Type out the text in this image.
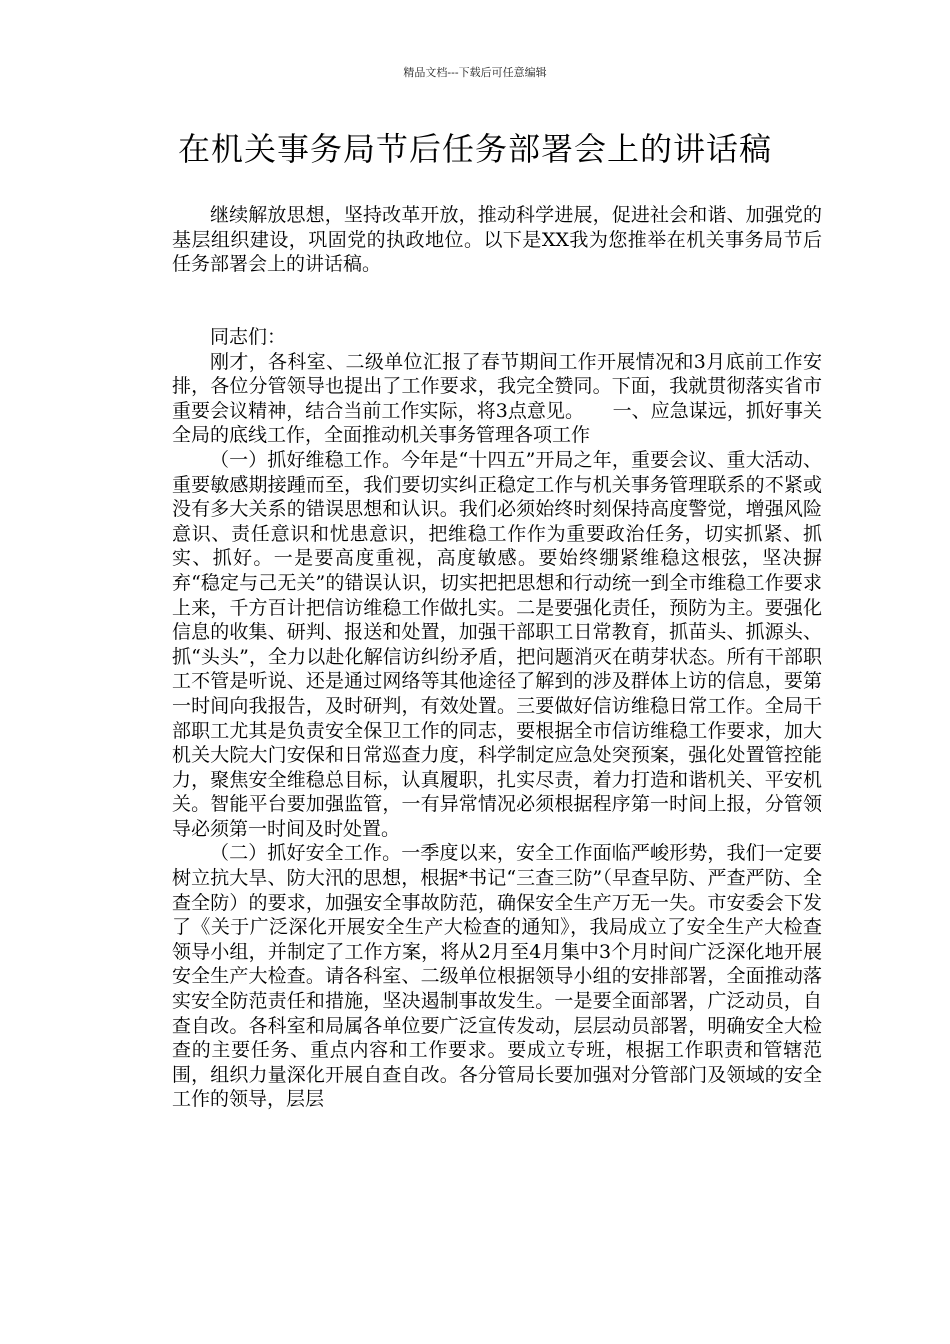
精品文档---下载后可任意编辑
在机关事务局节后任务部署会上的讲话稿

继续解放思想，坚持改革开放，推动科学进展，促进社会和谐、加强党的基层组织建设，巩固党的执政地位。以下是XX我为您推举在机关事务局节后任务部署会上的讲话稿。

同志们：

刚才，各科室、二级单位汇报了春节期间工作开展情况和3月底前工作安排，各位分管领导也提出了工作要求，我完全赞同。下面，我就贯彻落实省市重要会议精神，结合当前工作实际，将3点意见。　　一、应急谋远，抓好事关全局的底线工作，全面推动机关事务管理各项工作

（一）抓好维稳工作。今年是“十四五”开局之年，重要会议、重大活动、重要敏感期接踵而至，我们要切实纠正稳定工作与机关事务管理联系的不紧或没有多大关系的错误思想和认识。我们必须始终时刻保持高度警觉，增强风险意识、责任意识和忧患意识，把维稳工作作为重要政治任务，切实抓紧、抓实、抓好。一是要高度重视，高度敏感。要始终绷紧维稳这根弦，坚决摒弃“稳定与己无关”的错误认识，切实把把思想和行动统一到全市维稳工作要求上来，千方百计把信访维稳工作做扎实。二是要强化责任，预防为主。要强化信息的收集、研判、报送和处置，加强干部职工日常教育，抓苗头、抓源头、抓“头头”，全力以赴化解信访纠纷矛盾，把问题消灭在萌芽状态。所有干部职工不管是听说、还是通过网络等其他途径了解到的涉及群体上访的信息，要第一时间向我报告，及时研判，有效处置。三要做好信访维稳日常工作。全局干部职工尤其是负责安全保卫工作的同志，要根据全市信访维稳工作要求，加大机关大院大门安保和日常巡查力度，科学制定应急处突预案，强化处置管控能力，聚焦安全维稳总目标，认真履职，扎实尽责，着力打造和谐机关、平安机关。智能平台要加强监管，一有异常情况必须根据程序第一时间上报，分管领导必须第一时间及时处置。

（二）抓好安全工作。一季度以来，安全工作面临严峻形势，我们一定要树立抗大旱、防大汛的思想，根据*书记“三查三防”（早查早防、严查严防、全查全防）的要求，加强安全事故防范，确保安全生产万无一失。市安委会下发了《关于广泛深化开展安全生产大检查的通知》，我局成立了安全生产大检查领导小组，并制定了工作方案，将从2月至4月集中3个月时间广泛深化地开展安全生产大检查。请各科室、二级单位根据领导小组的安排部署，全面推动落实安全防范责任和措施，坚决遏制事故发生。一是要全面部署，广泛动员，自查自改。各科室和局属各单位要广泛宣传发动，层层动员部署，明确安全大检查的主要任务、重点内容和工作要求。要成立专班，根据工作职责和管辖范围，组织力量深化开展自查自改。各分管局长要加强对分管部门及领域的安全工作的领导，层层
